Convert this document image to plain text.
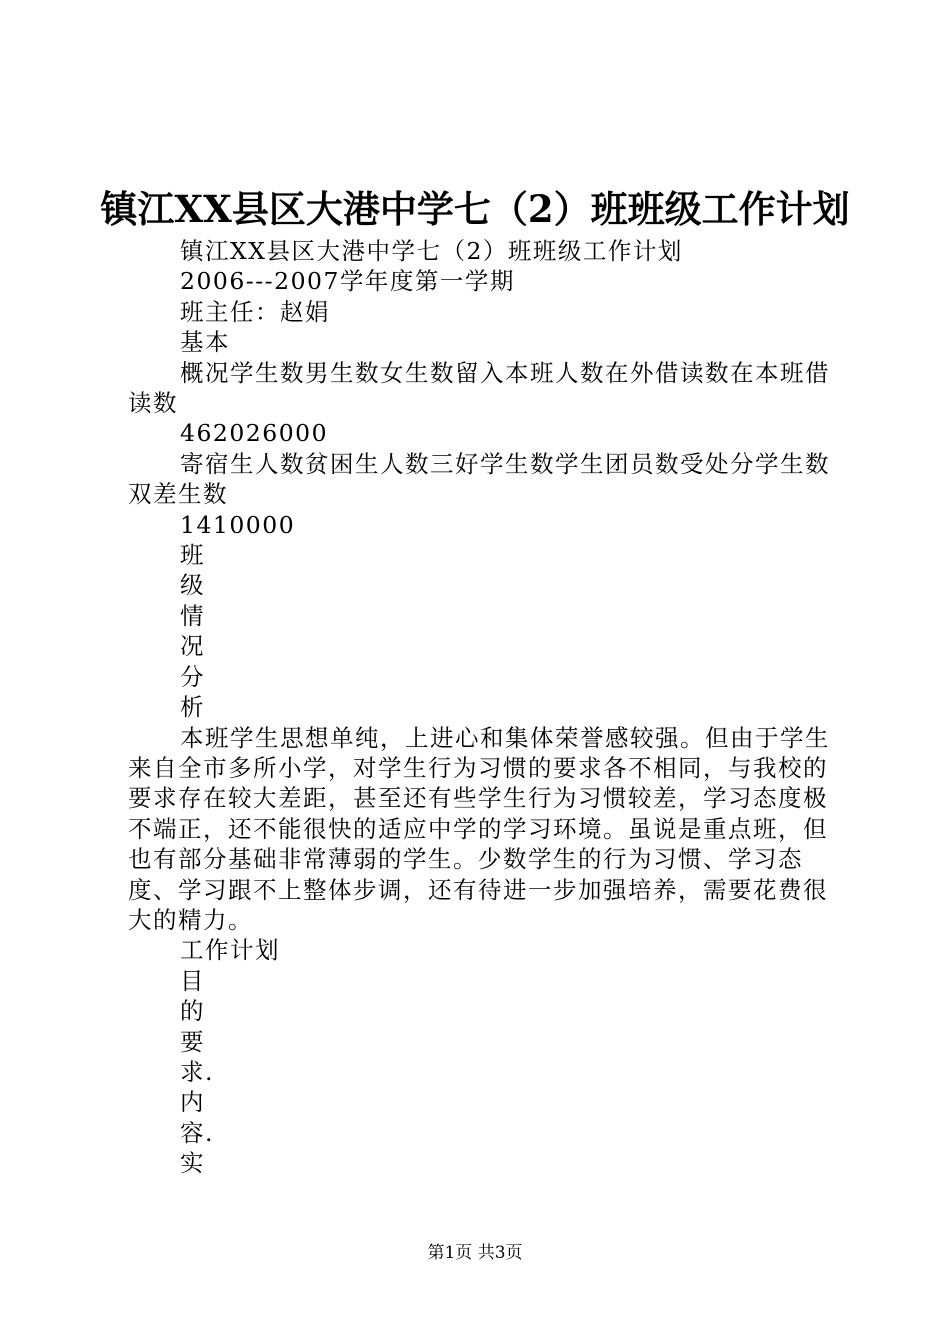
镇江XX县区大港中学七（2）班班级工作计划

镇江XX县区大港中学七（2）班班级工作计划

2006---2007学年度第一学期

班主任：赵娟

基本

概况学生数男生数女生数留入本班人数在外借读数在本班借读数

462026000

寄宿生人数贫困生人数三好学生数学生团员数受处分学生数双差生数

1410000

班

级

情

况

分

析

本班学生思想单纯，上进心和集体荣誉感较强。但由于学生来自全市多所小学，对学生行为习惯的要求各不相同，与我校的要求存在较大差距，甚至还有些学生行为习惯较差，学习态度极不端正，还不能很快的适应中学的学习环境。虽说是重点班，但也有部分基础非常薄弱的学生。少数学生的行为习惯、学习态度、学习跟不上整体步调，还有待进一步加强培养，需要花费很大的精力。

工作计划

目

的

要

求.

内

容.

实

第1页 共3页
